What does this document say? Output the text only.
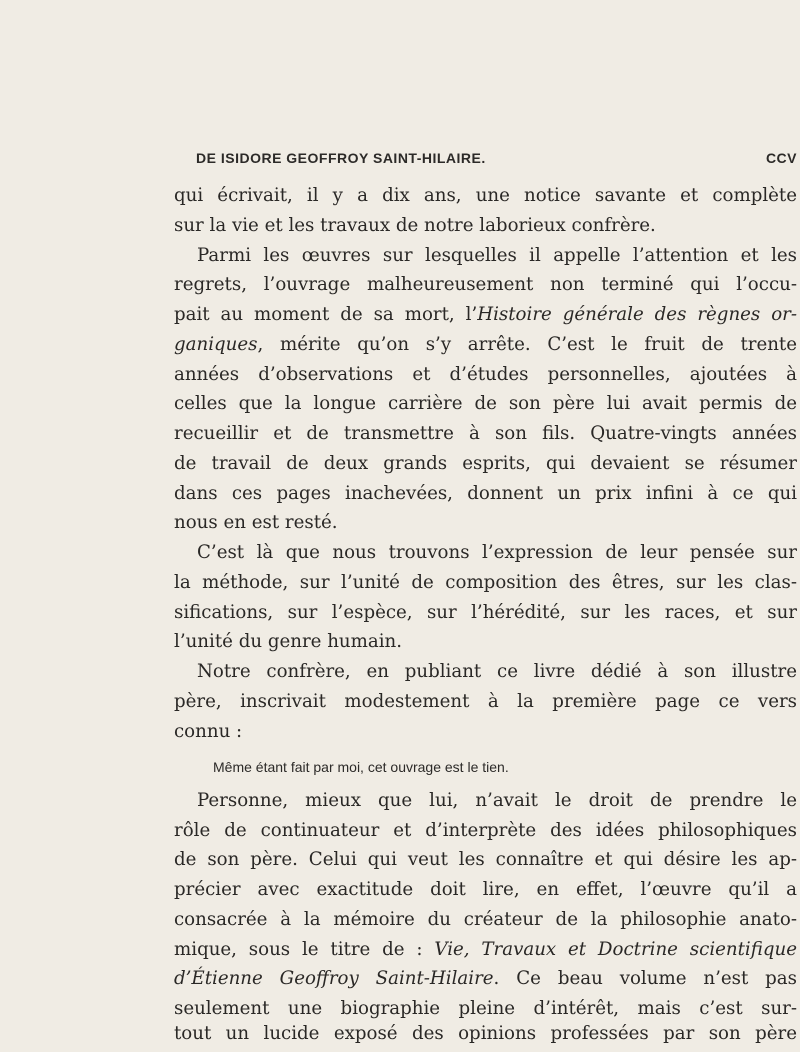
DE ISIDORE GEOFFROY SAINT-HILAIRE.	CCV
qui écrivait, il y a dix ans, une notice savante et complète
sur la vie et les travaux de notre laborieux confrère.
Parmi les œuvres sur lesquelles il appelle l’attention et les
regrets, l’ouvrage malheureusement non terminé qui l’occu-
pait au moment de sa mort, l’Histoire générale des règnes or-
ganiques, mérite qu’on s’y arrête. C’est le fruit de trente
années d’observations et d’études personnelles, ajoutées à
celles que la longue carrière de son père lui avait permis de
recueillir et de transmettre à son fils. Quatre-vingts années
de travail de deux grands esprits, qui devaient se résumer
dans ces pages inachevées, donnent un prix infini à ce qui
nous en est resté.
C’est là que nous trouvons l’expression de leur pensée sur
la méthode, sur l’unité de composition des êtres, sur les clas-
sifications, sur l’espèce, sur l’hérédité, sur les races, et sur
l’unité du genre humain.
Notre confrère, en publiant ce livre dédié à son illustre
père, inscrivait modestement à la première page ce vers
connu :
Même étant fait par moi, cet ouvrage est le tien.
Personne, mieux que lui, n’avait le droit de prendre le
rôle de continuateur et d’interprète des idées philosophiques
de son père. Celui qui veut les connaître et qui désire les ap-
précier avec exactitude doit lire, en effet, l’œuvre qu’il a
consacrée à la mémoire du créateur de la philosophie anato-
mique, sous le titre de : Vie, Travaux et Doctrine scientifique
d’Étienne Geoffroy Saint-Hilaire. Ce beau volume n’est pas
seulement une biographie pleine d’intérêt, mais c’est sur-
tout un lucide exposé des opinions professées par son père
